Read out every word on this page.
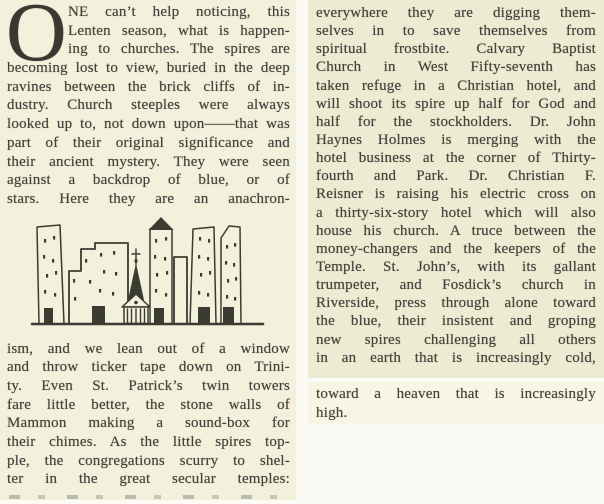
O NE can’t help noticing, this
Lenten season, what is happen-
ing to churches. The spires are
becoming lost to view, buried in the deep
ravines between the brick cliffs of in-
dustry. Church steeples were always
looked up to, not down upon——that was
part of their original significance and
their ancient mystery. They were seen
against a backdrop of blue, or of
stars. Here they are an anachron-
ism, and we lean out of a window
and throw ticker tape down on Trini-
ty. Even St. Patrick’s twin towers
fare little better, the stone walls of
Mammon making a sound-box for
their chimes. As the little spires top-
ple, the congregations scurry to shel-
ter in the great secular temples:
everywhere they are digging them-
selves in to save themselves from
spiritual frostbite. Calvary Baptist
Church in West Fifty-seventh has
taken refuge in a Christian hotel, and
will shoot its spire up half for God and
half for the stockholders. Dr. John
Haynes Holmes is merging with the
hotel business at the corner of Thirty-
fourth and Park. Dr. Christian F.
Reisner is raising his electric cross on
a thirty-six-story hotel which will also
house his church. A truce between the
money-changers and the keepers of the
Temple. St. John’s, with its gallant
trumpeter, and Fosdick’s church in
Riverside, press through alone toward
the blue, their insistent and groping
new spires challenging all others
in an earth that is increasingly cold,
toward a heaven that is increasingly
high.
